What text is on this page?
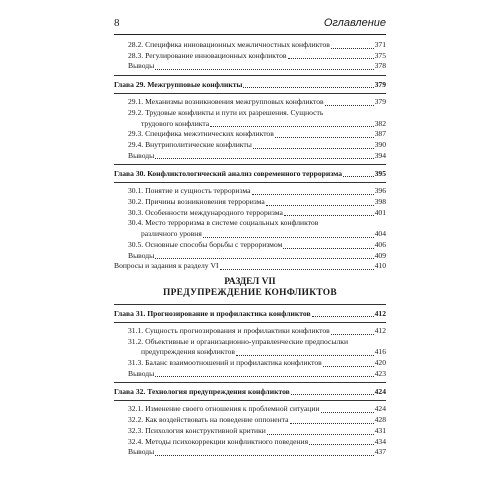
8	Оглавление
28.2. Специфика инновационных межличностных конфликтов	371
28.3. Регулирование инновационных конфликтов	375
Выводы	378
Глава 29. Межгрупповые конфликты	379
29.1. Механизмы возникновения межгрупповых конфликтов	379
29.2. Трудовые конфликты и пути их разрешения. Сущность
трудового конфликта	382
29.3. Специфика межэтнических конфликтов	387
29.4. Внутриполитические конфликты	390
Выводы	394
Глава 30. Конфликтологический анализ современного терроризма	395
30.1. Понятие и сущность терроризма	396
30.2. Причины возникновения терроризма	398
30.3. Особенности международного терроризма	401
30.4. Место терроризма в системе социальных конфликтов
различного уровня	404
30.5. Основные способы борьбы с терроризмом	406
Выводы	409
Вопросы и задания к разделу VI	410
РАЗДЕЛ VII
ПРЕДУПРЕЖДЕНИЕ КОНФЛИКТОВ
Глава 31. Прогнозирование и профилактика конфликтов	412
31.1. Сущность прогнозирования и профилактики конфликтов	412
31.2. Объективные и организационно-управленческие предпосылки
предупреждения конфликтов	416
31.3. Баланс взаимоотношений и профилактика конфликтов	420
Выводы	423
Глава 32. Технология предупреждения конфликтов	424
32.1. Изменение своего отношения к проблемной ситуации	424
32.2. Как воздействовать на поведение оппонента	428
32.3. Психология конструктивной критики	431
32.4. Методы психокоррекции конфликтного поведения	434
Выводы	437
